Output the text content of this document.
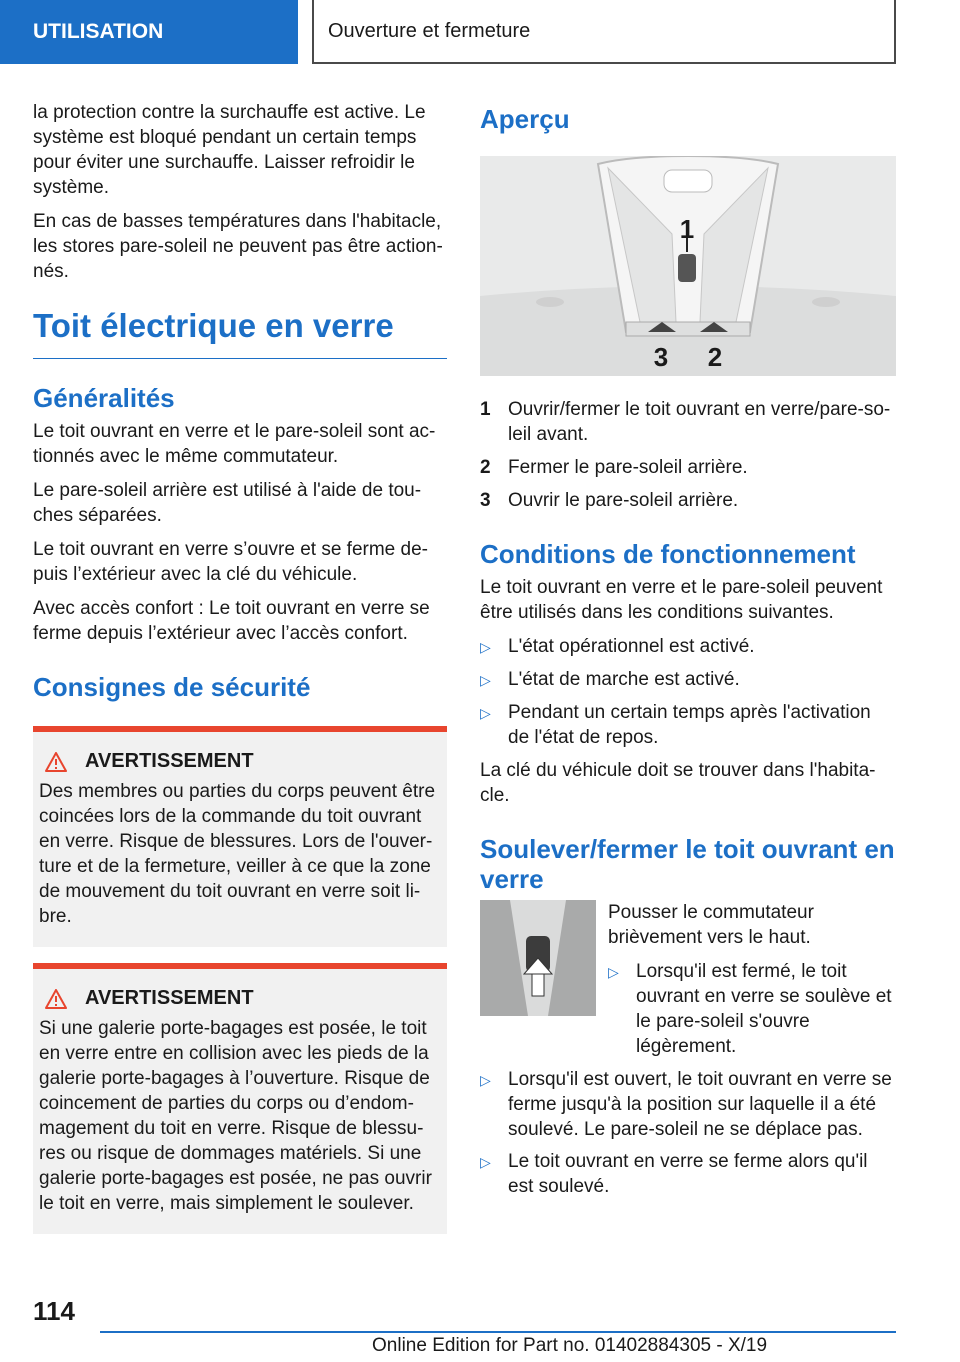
UTILISATION	Ouverture et fermeture

la protection contre la surchauffe est active. Le système est bloqué pendant un certain temps pour éviter une surchauffe. Laisser refroidir le système.

En cas de basses températures dans l'habitacle, les stores pare-soleil ne peuvent pas être action-nés.

Toit électrique en verre
Généralités

Le toit ouvrant en verre et le pare-soleil sont ac-tionnés avec le même commutateur.

Le pare-soleil arrière est utilisé à l'aide de tou-ches séparées.

Le toit ouvrant en verre s’ouvre et se ferme de-puis l’extérieur avec la clé du véhicule.

Avec accès confort : Le toit ouvrant en verre se ferme depuis l’extérieur avec l’accès confort.

Consignes de sécurité
AVERTISSEMENT

Des membres ou parties du corps peuvent être coincées lors de la commande du toit ouvrant en verre. Risque de blessures. Lors de l'ouver-ture et de la fermeture, veiller à ce que la zone de mouvement du toit ouvrant en verre soit li-bre.

AVERTISSEMENT

Si une galerie porte-bagages est posée, le toit en verre entre en collision avec les pieds de la galerie porte-bagages à l’ouverture. Risque de coincement de parties du corps ou d’endom-magement du toit en verre. Risque de blessu-res ou risque de dommages matériels. Si une galerie porte-bagages est posée, ne pas ouvrir le toit en verre, mais simplement le soulever.

Aperçu
1
3 2
1 Ouvrir/fermer le toit ouvrant en verre/pare-so-leil avant.
2 Fermer le pare-soleil arrière.
3 Ouvrir le pare-soleil arrière.
Conditions de fonctionnement

Le toit ouvrant en verre et le pare-soleil peuvent être utilisés dans les conditions suivantes.

▷ L'état opérationnel est activé.
▷ L'état de marche est activé.
▷ Pendant un certain temps après l'activation de l'état de repos.

La clé du véhicule doit se trouver dans l'habita-cle.

Soulever/fermer le toit ouvrant en verre

Pousser le commutateur brièvement vers le haut.

▷ Lorsqu'il est fermé, le toit ouvrant en verre se soulève et le pare-soleil s'ouvre légèrement.
▷ Lorsqu'il est ouvert, le toit ouvrant en verre se ferme jusqu'à la position sur laquelle il a été soulevé. Le pare-soleil ne se déplace pas.
▷ Le toit ouvrant en verre se ferme alors qu'il est soulevé.
114
Online Edition for Part no. 01402884305 - X/19
